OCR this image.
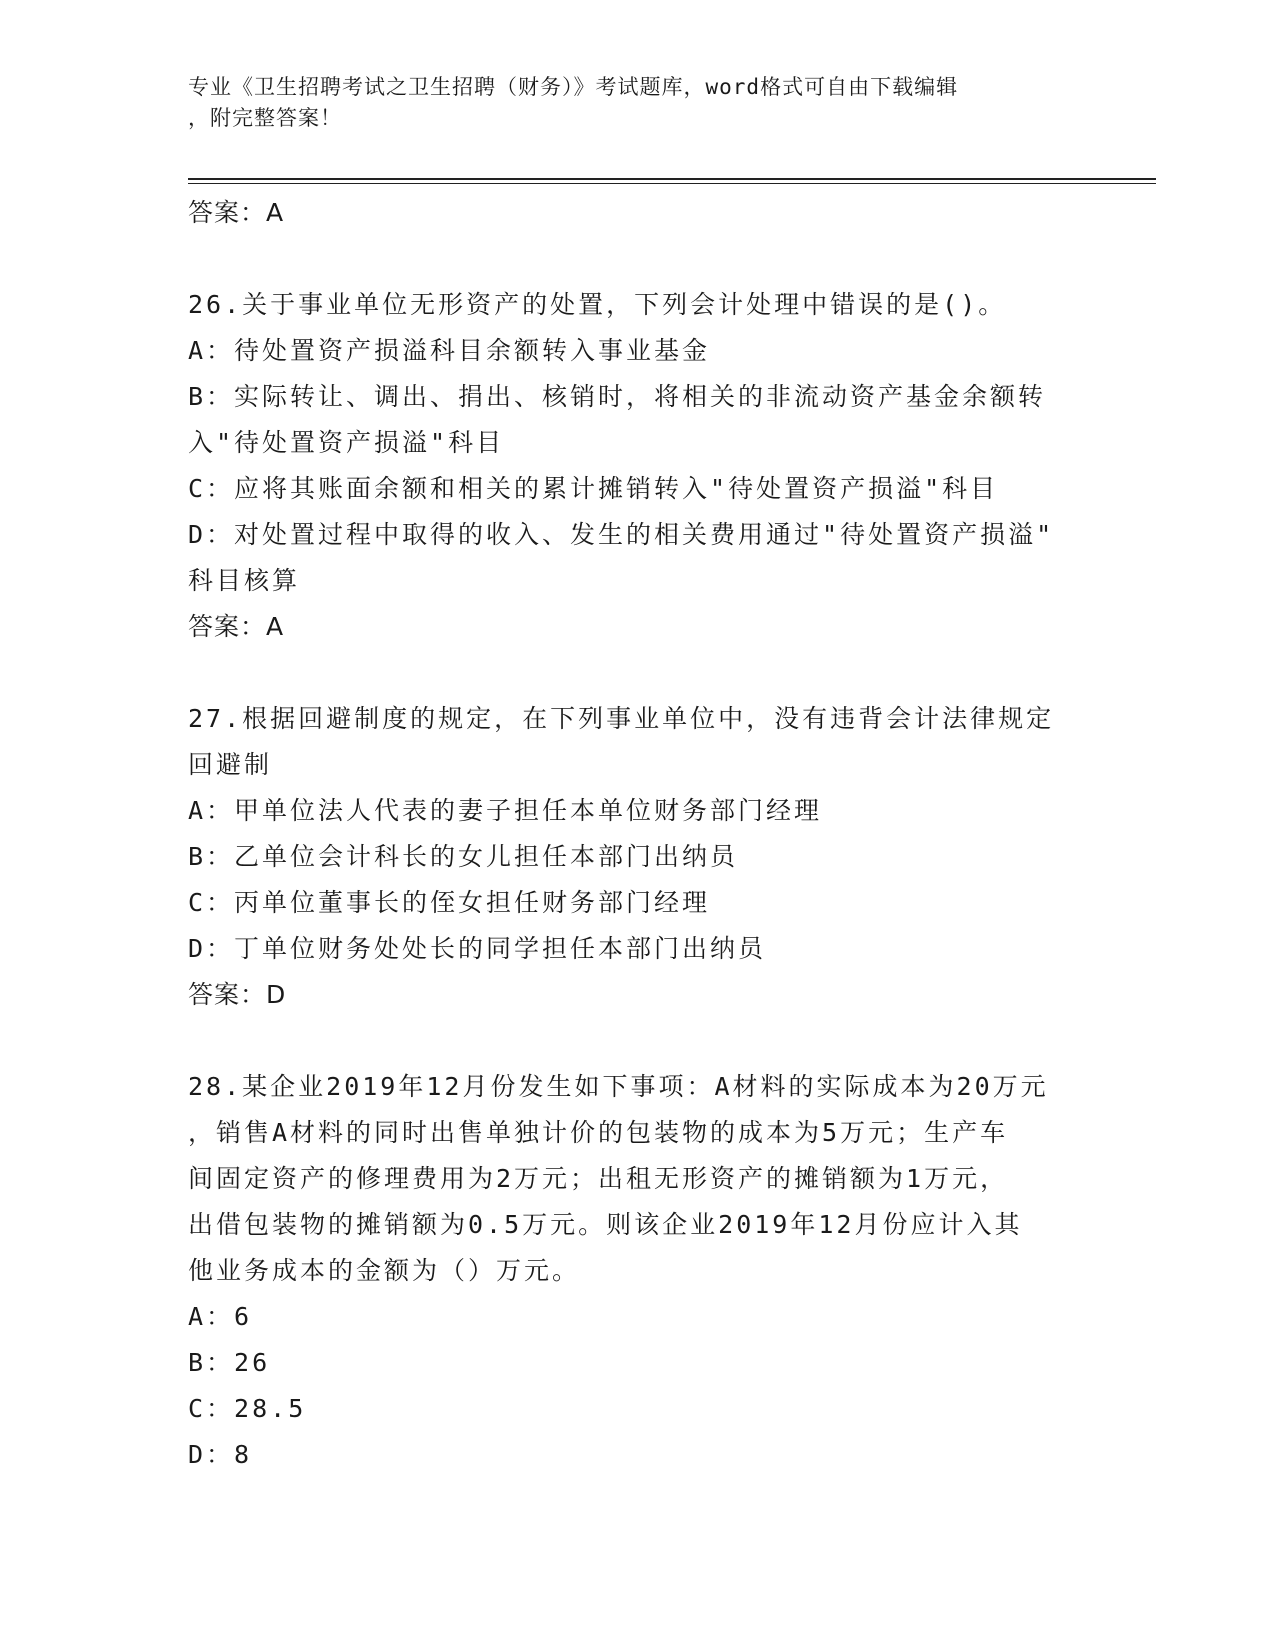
专业《卫生招聘考试之卫生招聘（财务）》考试题库，word格式可自由下载编辑
，附完整答案！
答案：A
26.关于事业单位无形资产的处置，下列会计处理中错误的是()。
A：待处置资产损溢科目余额转入事业基金
B：实际转让、调出、捐出、核销时，将相关的非流动资产基金余额转
入"待处置资产损溢"科目
C：应将其账面余额和相关的累计摊销转入"待处置资产损溢"科目
D：对处置过程中取得的收入、发生的相关费用通过"待处置资产损溢"
科目核算
答案：A
27.根据回避制度的规定，在下列事业单位中，没有违背会计法律规定
回避制
A：甲单位法人代表的妻子担任本单位财务部门经理
B：乙单位会计科长的女儿担任本部门出纳员
C：丙单位董事长的侄女担任财务部门经理
D：丁单位财务处处长的同学担任本部门出纳员
答案：D
28.某企业2019年12月份发生如下事项：A材料的实际成本为20万元
，销售A材料的同时出售单独计价的包装物的成本为5万元；生产车
间固定资产的修理费用为2万元；出租无形资产的摊销额为1万元，
出借包装物的摊销额为0.5万元。则该企业2019年12月份应计入其
他业务成本的金额为（）万元。
A：6
B：26
C：28.5
D：8
